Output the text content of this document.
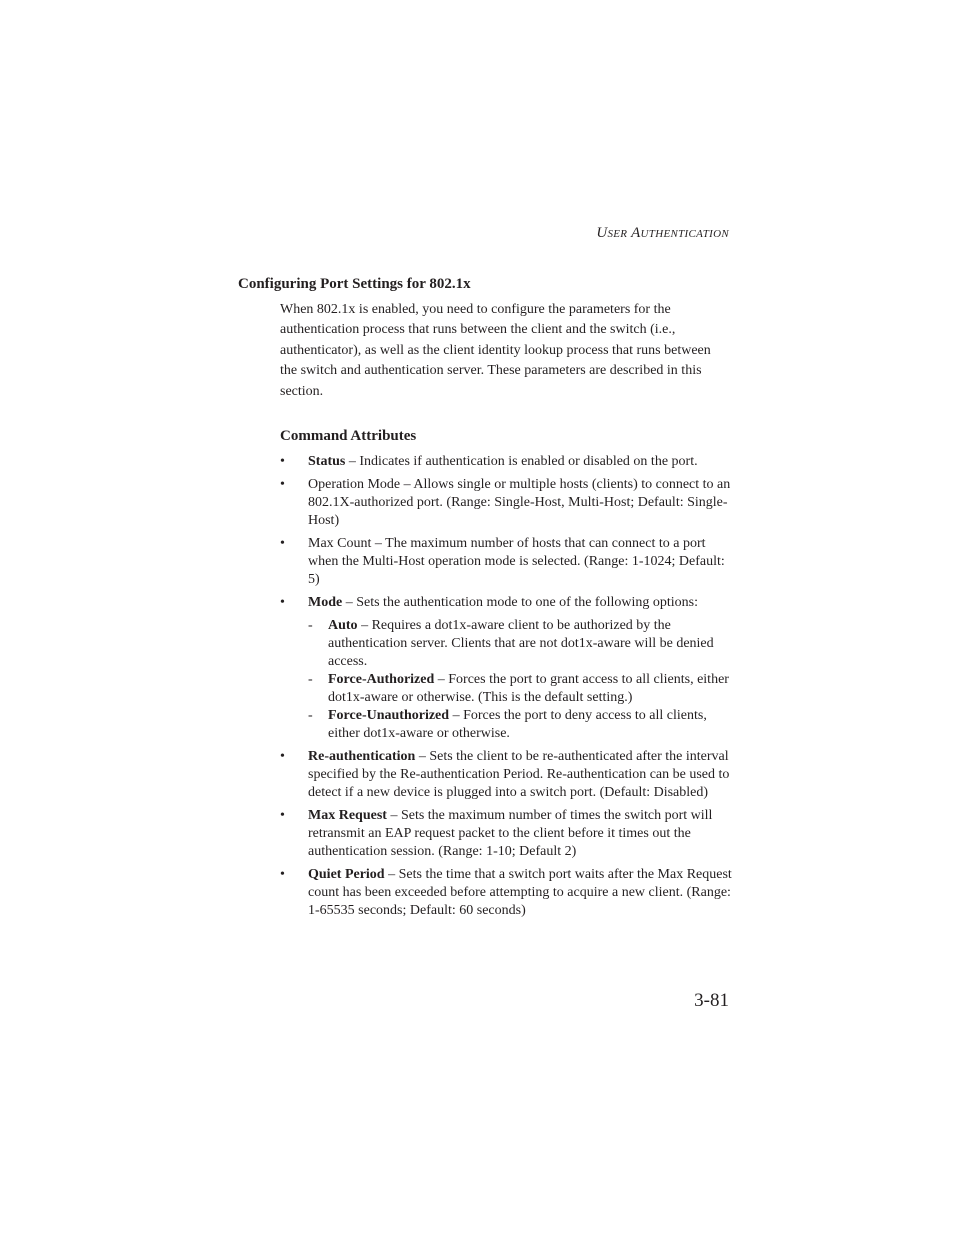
User Authentication
Configuring Port Settings for 802.1x

When 802.1x is enabled, you need to configure the parameters for the authentication process that runs between the client and the switch (i.e., authenticator), as well as the client identity lookup process that runs between the switch and authentication server. These parameters are described in this section.

Command Attributes
• Status – Indicates if authentication is enabled or disabled on the port.
• Operation Mode – Allows single or multiple hosts (clients) to connect to an 802.1X-authorized port. (Range: Single-Host, Multi-Host; Default: Single-Host)
• Max Count – The maximum number of hosts that can connect to a port when the Multi-Host operation mode is selected. (Range: 1-1024; Default: 5)
• Mode – Sets the authentication mode to one of the following options:
- Auto – Requires a dot1x-aware client to be authorized by the authentication server. Clients that are not dot1x-aware will be denied access.
- Force-Authorized – Forces the port to grant access to all clients, either dot1x-aware or otherwise. (This is the default setting.)
- Force-Unauthorized – Forces the port to deny access to all clients, either dot1x-aware or otherwise.
• Re-authentication – Sets the client to be re-authenticated after the interval specified by the Re-authentication Period. Re-authentication can be used to detect if a new device is plugged into a switch port. (Default: Disabled)
• Max Request – Sets the maximum number of times the switch port will retransmit an EAP request packet to the client before it times out the authentication session. (Range: 1-10; Default 2)
• Quiet Period – Sets the time that a switch port waits after the Max Request count has been exceeded before attempting to acquire a new client. (Range: 1-65535 seconds; Default: 60 seconds)
3-81
